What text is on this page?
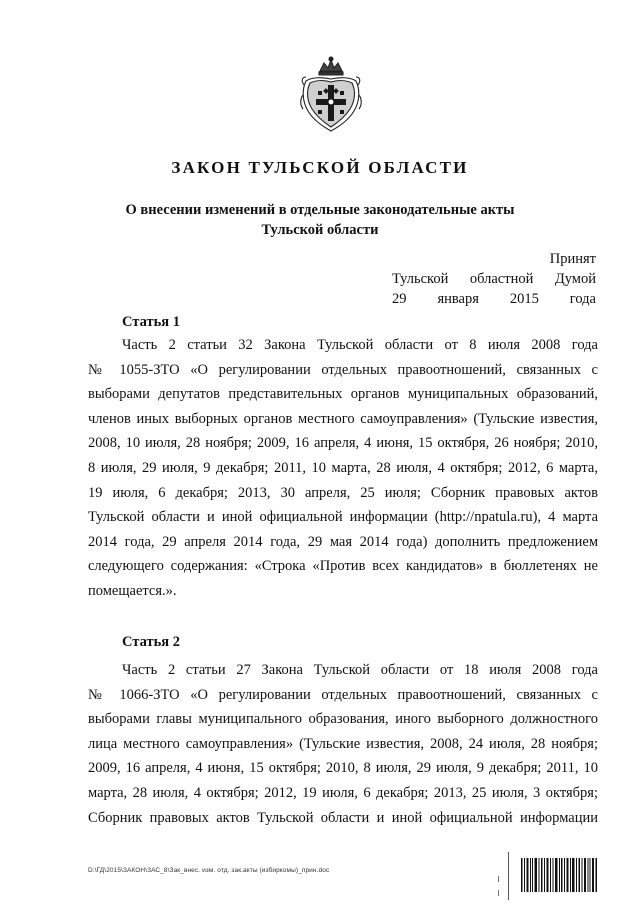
ЗАКОН ТУЛЬСКОЙ ОБЛАСТИ
О внесении изменений в отдельные законодательные акты
Тульской области
Принят
Тульской областной Думой
29 января 2015 года
Статья 1
Часть 2 статьи 32 Закона Тульской области от 8 июля 2008 года
№ 1055-ЗТО «О регулировании отдельных правоотношений, связанных с
выборами депутатов представительных органов муниципальных образований,
членов иных выборных органов местного самоуправления» (Тульские известия,
2008, 10 июля, 28 ноября; 2009, 16 апреля, 4 июня, 15 октября, 26 ноября; 2010,
8 июля, 29 июля, 9 декабря; 2011, 10 марта, 28 июля, 4 октября; 2012, 6 марта,
19 июля, 6 декабря; 2013, 30 апреля, 25 июля; Сборник правовых актов
Тульской области и иной официальной информации (http://npatula.ru), 4 марта
2014 года, 29 апреля 2014 года, 29 мая 2014 года) дополнить предложением
следующего содержания: «Строка «Против всех кандидатов» в бюллетенях не
помещается.».
Статья 2
Часть 2 статьи 27 Закона Тульской области от 18 июля 2008 года
№ 1066-ЗТО «О регулировании отдельных правоотношений, связанных с
выборами главы муниципального образования, иного выборного должностного
лица местного самоуправления» (Тульские известия, 2008, 24 июля, 28 ноября;
2009, 16 апреля, 4 июня, 15 октября; 2010, 8 июля, 29 июля, 9 декабря; 2011, 10
марта, 28 июля, 4 октября; 2012, 19 июля, 6 декабря; 2013, 25 июля, 3 октября;
Сборник правовых актов Тульской области и иной официальной информации
D:\ГД\2015\ЗАКОН\ЗАС_8\Зак_внес. изм. отд. зак.акты (избиркомы)_прин.doc
